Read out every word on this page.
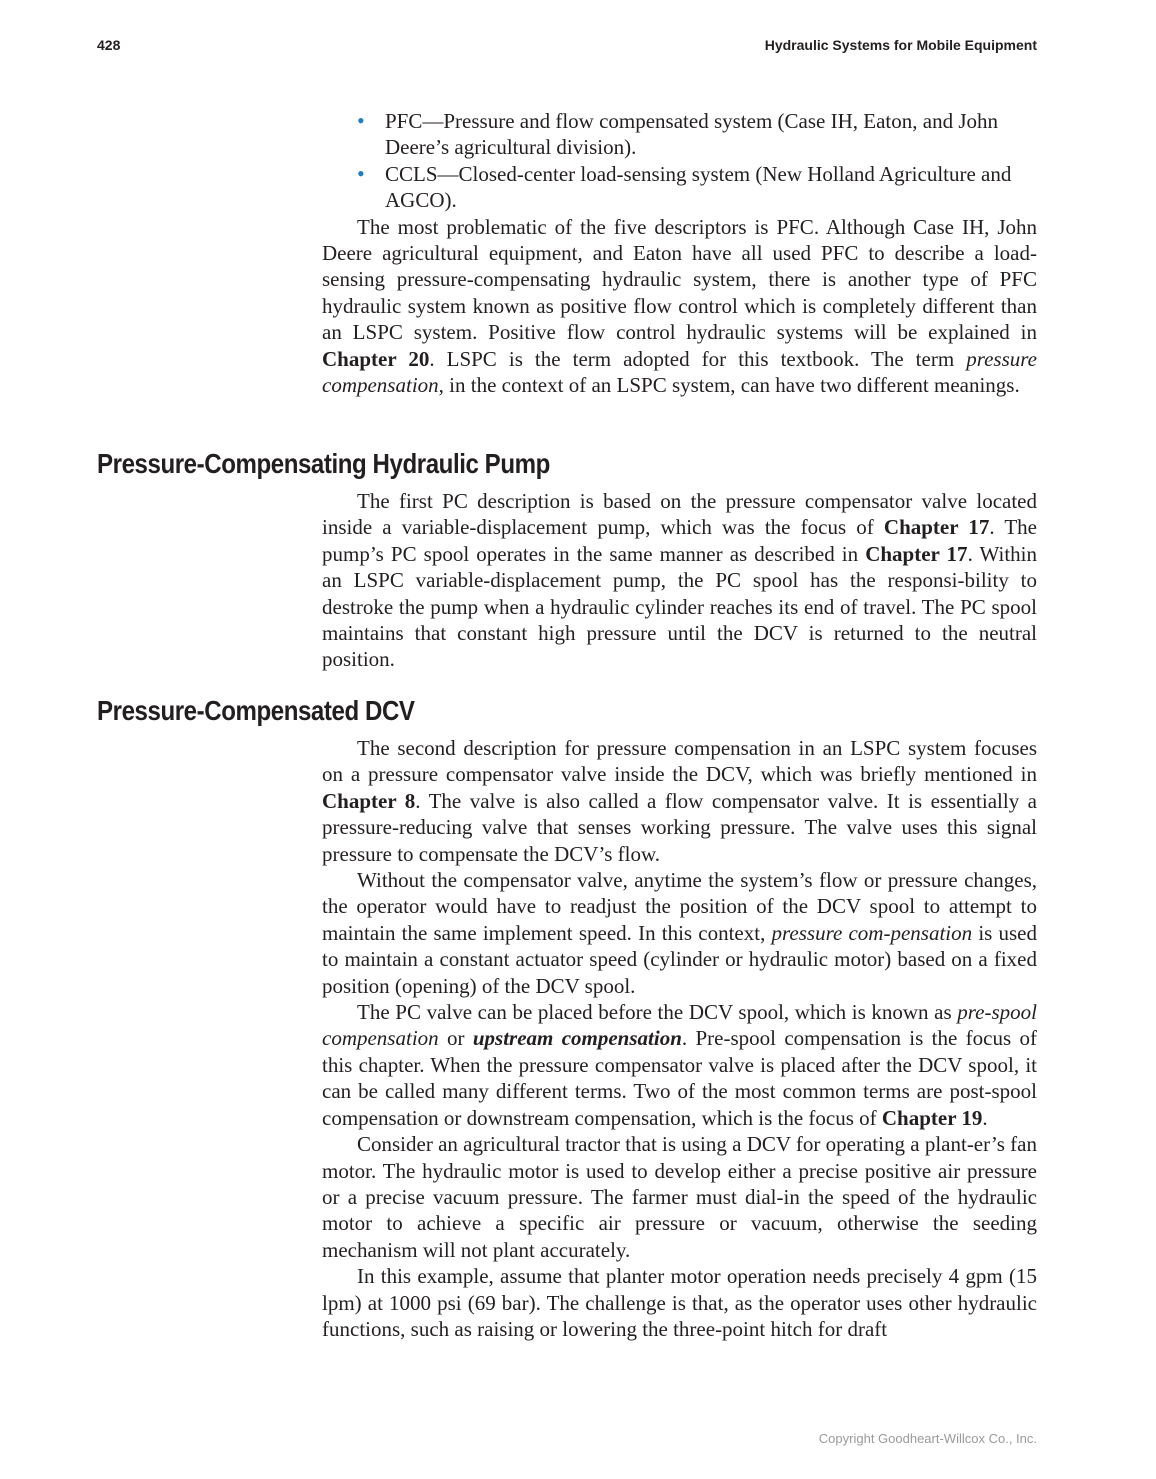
428	Hydraulic Systems for Mobile Equipment
• PFC—Pressure and flow compensated system (Case IH, Eaton, and John Deere’s agricultural division).
• CCLS—Closed-center load-sensing system (New Holland Agriculture and AGCO).

The most problematic of the five descriptors is PFC. Although Case IH, John Deere agricultural equipment, and Eaton have all used PFC to describe a load-sensing pressure-compensating hydraulic system, there is another type of PFC hydraulic system known as positive flow control which is completely different than an LSPC system. Positive flow control hydraulic systems will be explained in Chapter 20. LSPC is the term adopted for this textbook. The term pressure compensation, in the context of an LSPC system, can have two different meanings.

Pressure-Compensating Hydraulic Pump

The first PC description is based on the pressure compensator valve located inside a variable-displacement pump, which was the focus of Chapter 17. The pump’s PC spool operates in the same manner as described in Chapter 17. Within an LSPC variable-displacement pump, the PC spool has the responsi-bility to destroke the pump when a hydraulic cylinder reaches its end of travel. The PC spool maintains that constant high pressure until the DCV is returned to the neutral position.

Pressure-Compensated DCV

The second description for pressure compensation in an LSPC system focuses on a pressure compensator valve inside the DCV, which was briefly mentioned in Chapter 8. The valve is also called a flow compensator valve. It is essentially a pressure-reducing valve that senses working pressure. The valve uses this signal pressure to compensate the DCV’s flow.

Without the compensator valve, anytime the system’s flow or pressure changes, the operator would have to readjust the position of the DCV spool to attempt to maintain the same implement speed. In this context, pressure com-pensation is used to maintain a constant actuator speed (cylinder or hydraulic motor) based on a fixed position (opening) of the DCV spool.

The PC valve can be placed before the DCV spool, which is known as pre-spool compensation or upstream compensation. Pre-spool compensation is the focus of this chapter. When the pressure compensator valve is placed after the DCV spool, it can be called many different terms. Two of the most common terms are post-spool compensation or downstream compensation, which is the focus of Chapter 19.

Consider an agricultural tractor that is using a DCV for operating a plant-er’s fan motor. The hydraulic motor is used to develop either a precise positive air pressure or a precise vacuum pressure. The farmer must dial-in the speed of the hydraulic motor to achieve a specific air pressure or vacuum, otherwise the seeding mechanism will not plant accurately.

In this example, assume that planter motor operation needs precisely 4 gpm (15 lpm) at 1000 psi (69 bar). The challenge is that, as the operator uses other hydraulic functions, such as raising or lowering the three-point hitch for draft

Copyright Goodheart-Willcox Co., Inc.
